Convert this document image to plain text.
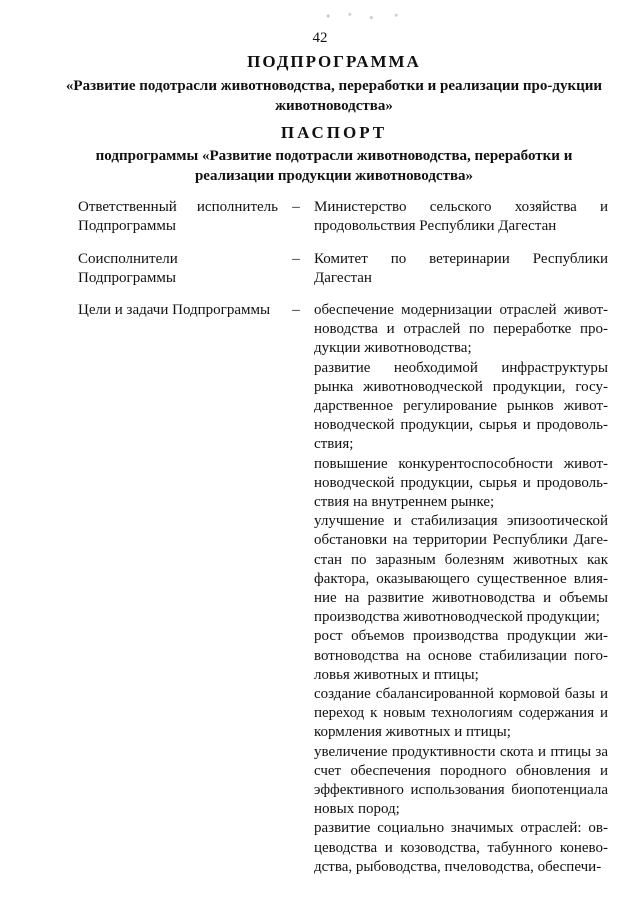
42
ПОДПРОГРАММА
«Развитие подотрасли животноводства, переработки и реализации про-дукции животноводства»
ПАСПОРТ
подпрограммы «Развитие подотрасли животноводства, переработки и реализации продукции животноводства»
Ответственный исполнитель Подпрограммы
– Министерство сельского хозяйства и продовольствия Республики Дагестан
Соисполнители Подпрограммы
– Комитет по ветеринарии Республики Дагестан
Цели и задачи Подпрограммы	– обеспечение модернизации отраслей живот-новодства и отраслей по переработке про-дукции животноводства;

развитие необходимой инфраструктуры рынка животноводческой продукции, госу-дарственное регулирование рынков живот-новодческой продукции, сырья и продоволь-ствия;

повышение конкурентоспособности живот-новодческой продукции, сырья и продоволь-ствия на внутреннем рынке;

улучшение и стабилизация эпизоотической обстановки на территории Республики Даге-стан по заразным болезням животных как фактора, оказывающего существенное влия-ние на развитие животноводства и объемы производства животноводческой продукции;

рост объемов производства продукции жи-вотноводства на основе стабилизации пого-ловья животных и птицы;

создание сбалансированной кормовой базы и переход к новым технологиям содержания и кормления животных и птицы;

увеличение продуктивности скота и птицы за счет обеспечения породного обновления и эффективного использования биопотенциала новых пород;

развитие социально значимых отраслей: ов-цеводства и козоводства, табунного конево-дства, рыбоводства, пчеловодства, обеспечи-
